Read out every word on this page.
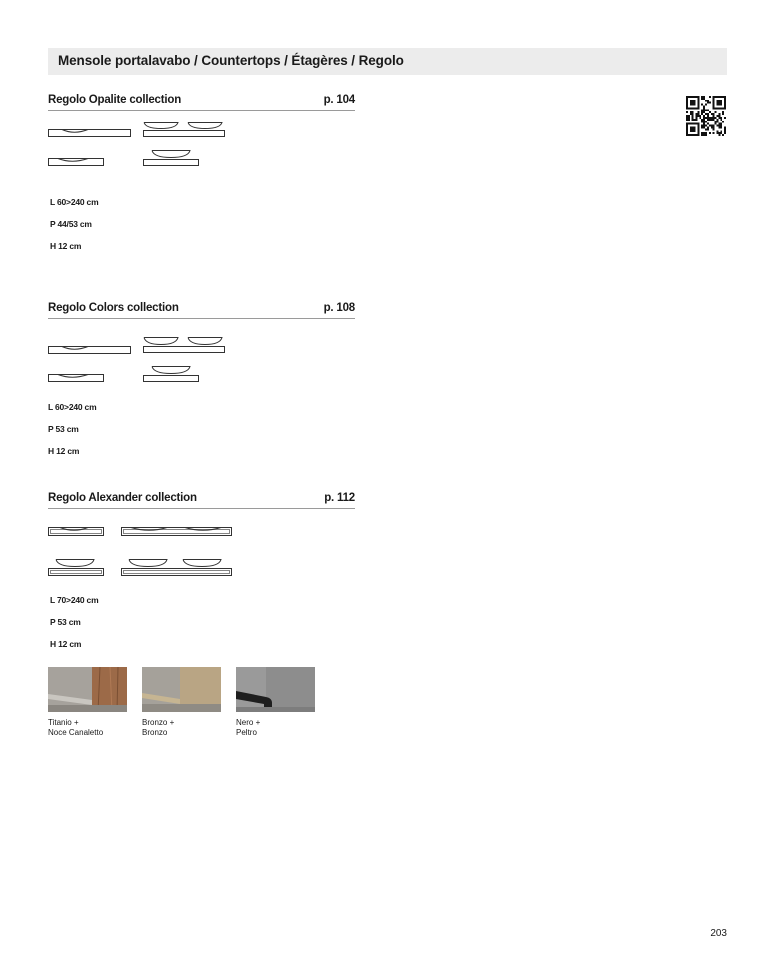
Mensole portalavabo / Countertops / Étagères / Regolo
Regolo Opalite collection	p. 104
L 60>240 cm
P 44/53 cm
H 12 cm
Regolo Colors collection	p. 108
L 60>240 cm
P 53 cm
H 12 cm
Regolo Alexander collection	p. 112
L 70>240 cm
P 53 cm
H 12 cm
Titanio +
Noce Canaletto
Bronzo +
Bronzo
Nero +
Peltro
203
